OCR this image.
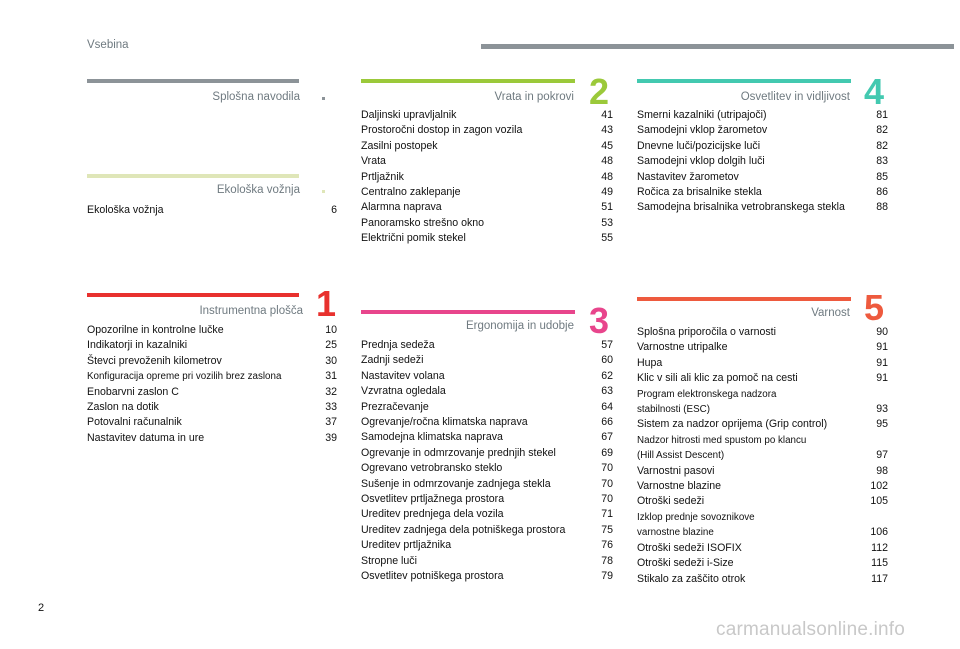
Vsebina
Splošna navodila
Ekološka vožnja
Ekološka vožnja	6
Instrumentna plošča 1
Opozorilne in kontrolne lučke	10
Indikatorji in kazalniki	25
Števci prevoženih kilometrov	30
Konfiguracija opreme pri vozilih brez zaslona	31
Enobarvni zaslon C	32
Zaslon na dotik	33
Potovalni računalnik	37
Nastavitev datuma in ure	39
Vrata in pokrovi 2
Daljinski upravljalnik	41
Prostoročni dostop in zagon vozila	43
Zasilni postopek	45
Vrata	48
Prtljažnik	48
Centralno zaklepanje	49
Alarmna naprava	51
Panoramsko strešno okno	53
Električni pomik stekel	55
Ergonomija in udobje 3
Prednja sedeža	57
Zadnji sedeži	60
Nastavitev volana	62
Vzvratna ogledala	63
Prezračevanje	64
Ogrevanje/ročna klimatska naprava	66
Samodejna klimatska naprava	67
Ogrevanje in odmrzovanje prednjih stekel	69
Ogrevano vetrobransko steklo	70
Sušenje in odmrzovanje zadnjega stekla	70
Osvetlitev prtljažnega prostora	70
Ureditev prednjega dela vozila	71
Ureditev zadnjega dela potniškega prostora	75
Ureditev prtljažnika	76
Stropne luči	78
Osvetlitev potniškega prostora	79
Osvetlitev in vidljivost 4
Smerni kazalniki (utripajoči)	81
Samodejni vklop žarometov	82
Dnevne luči/pozicijske luči	82
Samodejni vklop dolgih luči	83
Nastavitev žarometov	85
Ročica za brisalnike stekla	86
Samodejna brisalnika vetrobranskega stekla	88
Varnost 5
Splošna priporočila o varnosti	90
Varnostne utripalke	91
Hupa	91
Klic v sili ali klic za pomoč na cesti	91
Program elektronskega nadzora
stabilnosti (ESC)	93
Sistem za nadzor oprijema (Grip control)	95
Nadzor hitrosti med spustom po klancu
(Hill Assist Descent)	97
Varnostni pasovi	98
Varnostne blazine	102
Otroški sedeži	105
Izklop prednje sovoznikove
varnostne blazine	106
Otroški sedeži ISOFIX	112
Otroški sedeži i-Size	115
Stikalo za zaščito otrok	117
2
carmanualsonline.info
